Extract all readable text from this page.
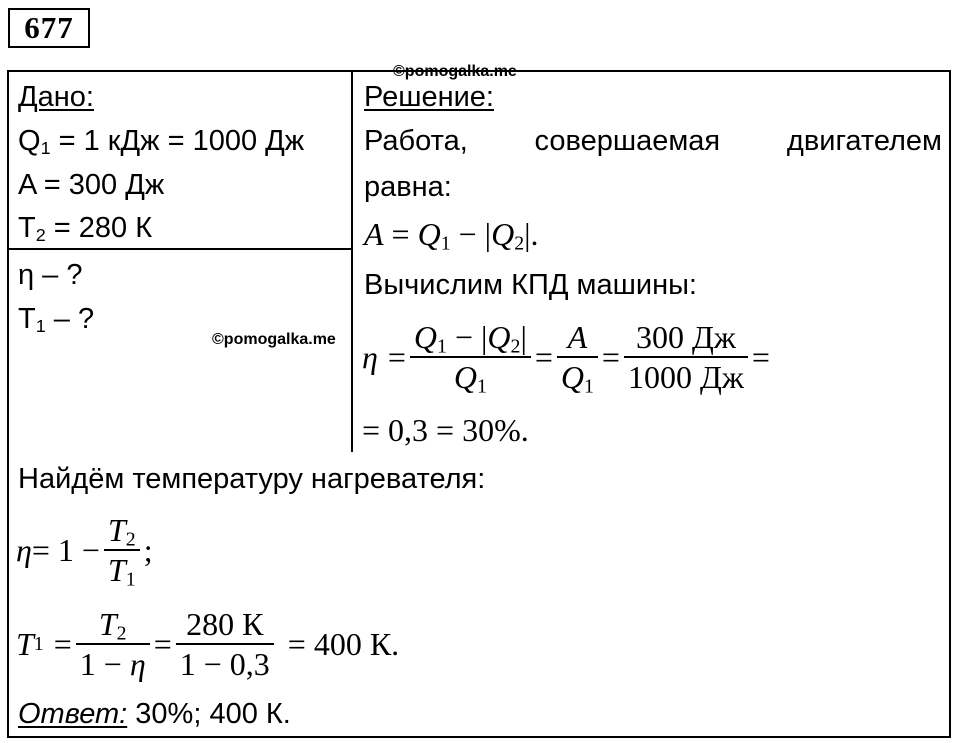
677
©pomogalka.me
©pomogalka.me
Дано:
$Q_1 = 1$ кДж = 1000 Дж
A = 300 Дж
$T_2 = 280$ К
η – ?
$T_1$ – ?
Решение:
Работа, совершаемая двигателем
равна:
$A = Q_1 - |Q_2|$.
Вычислим КПД машины:
$\eta = \frac{Q_1 - |Q_2|}{Q_1} = \frac{A}{Q_1} = \frac{300 Дж}{1000 Дж}$ =
= 0,3 = 30%.
Найдём температуру нагревателя:
$\eta = 1 - \frac{T_2}{T_1}$ ;
T $1 = \frac{T_2}{1 - \eta} = \frac{280 К}{1 - 0,3} = 400$ К.
Ответ: 30%; 400 К.
